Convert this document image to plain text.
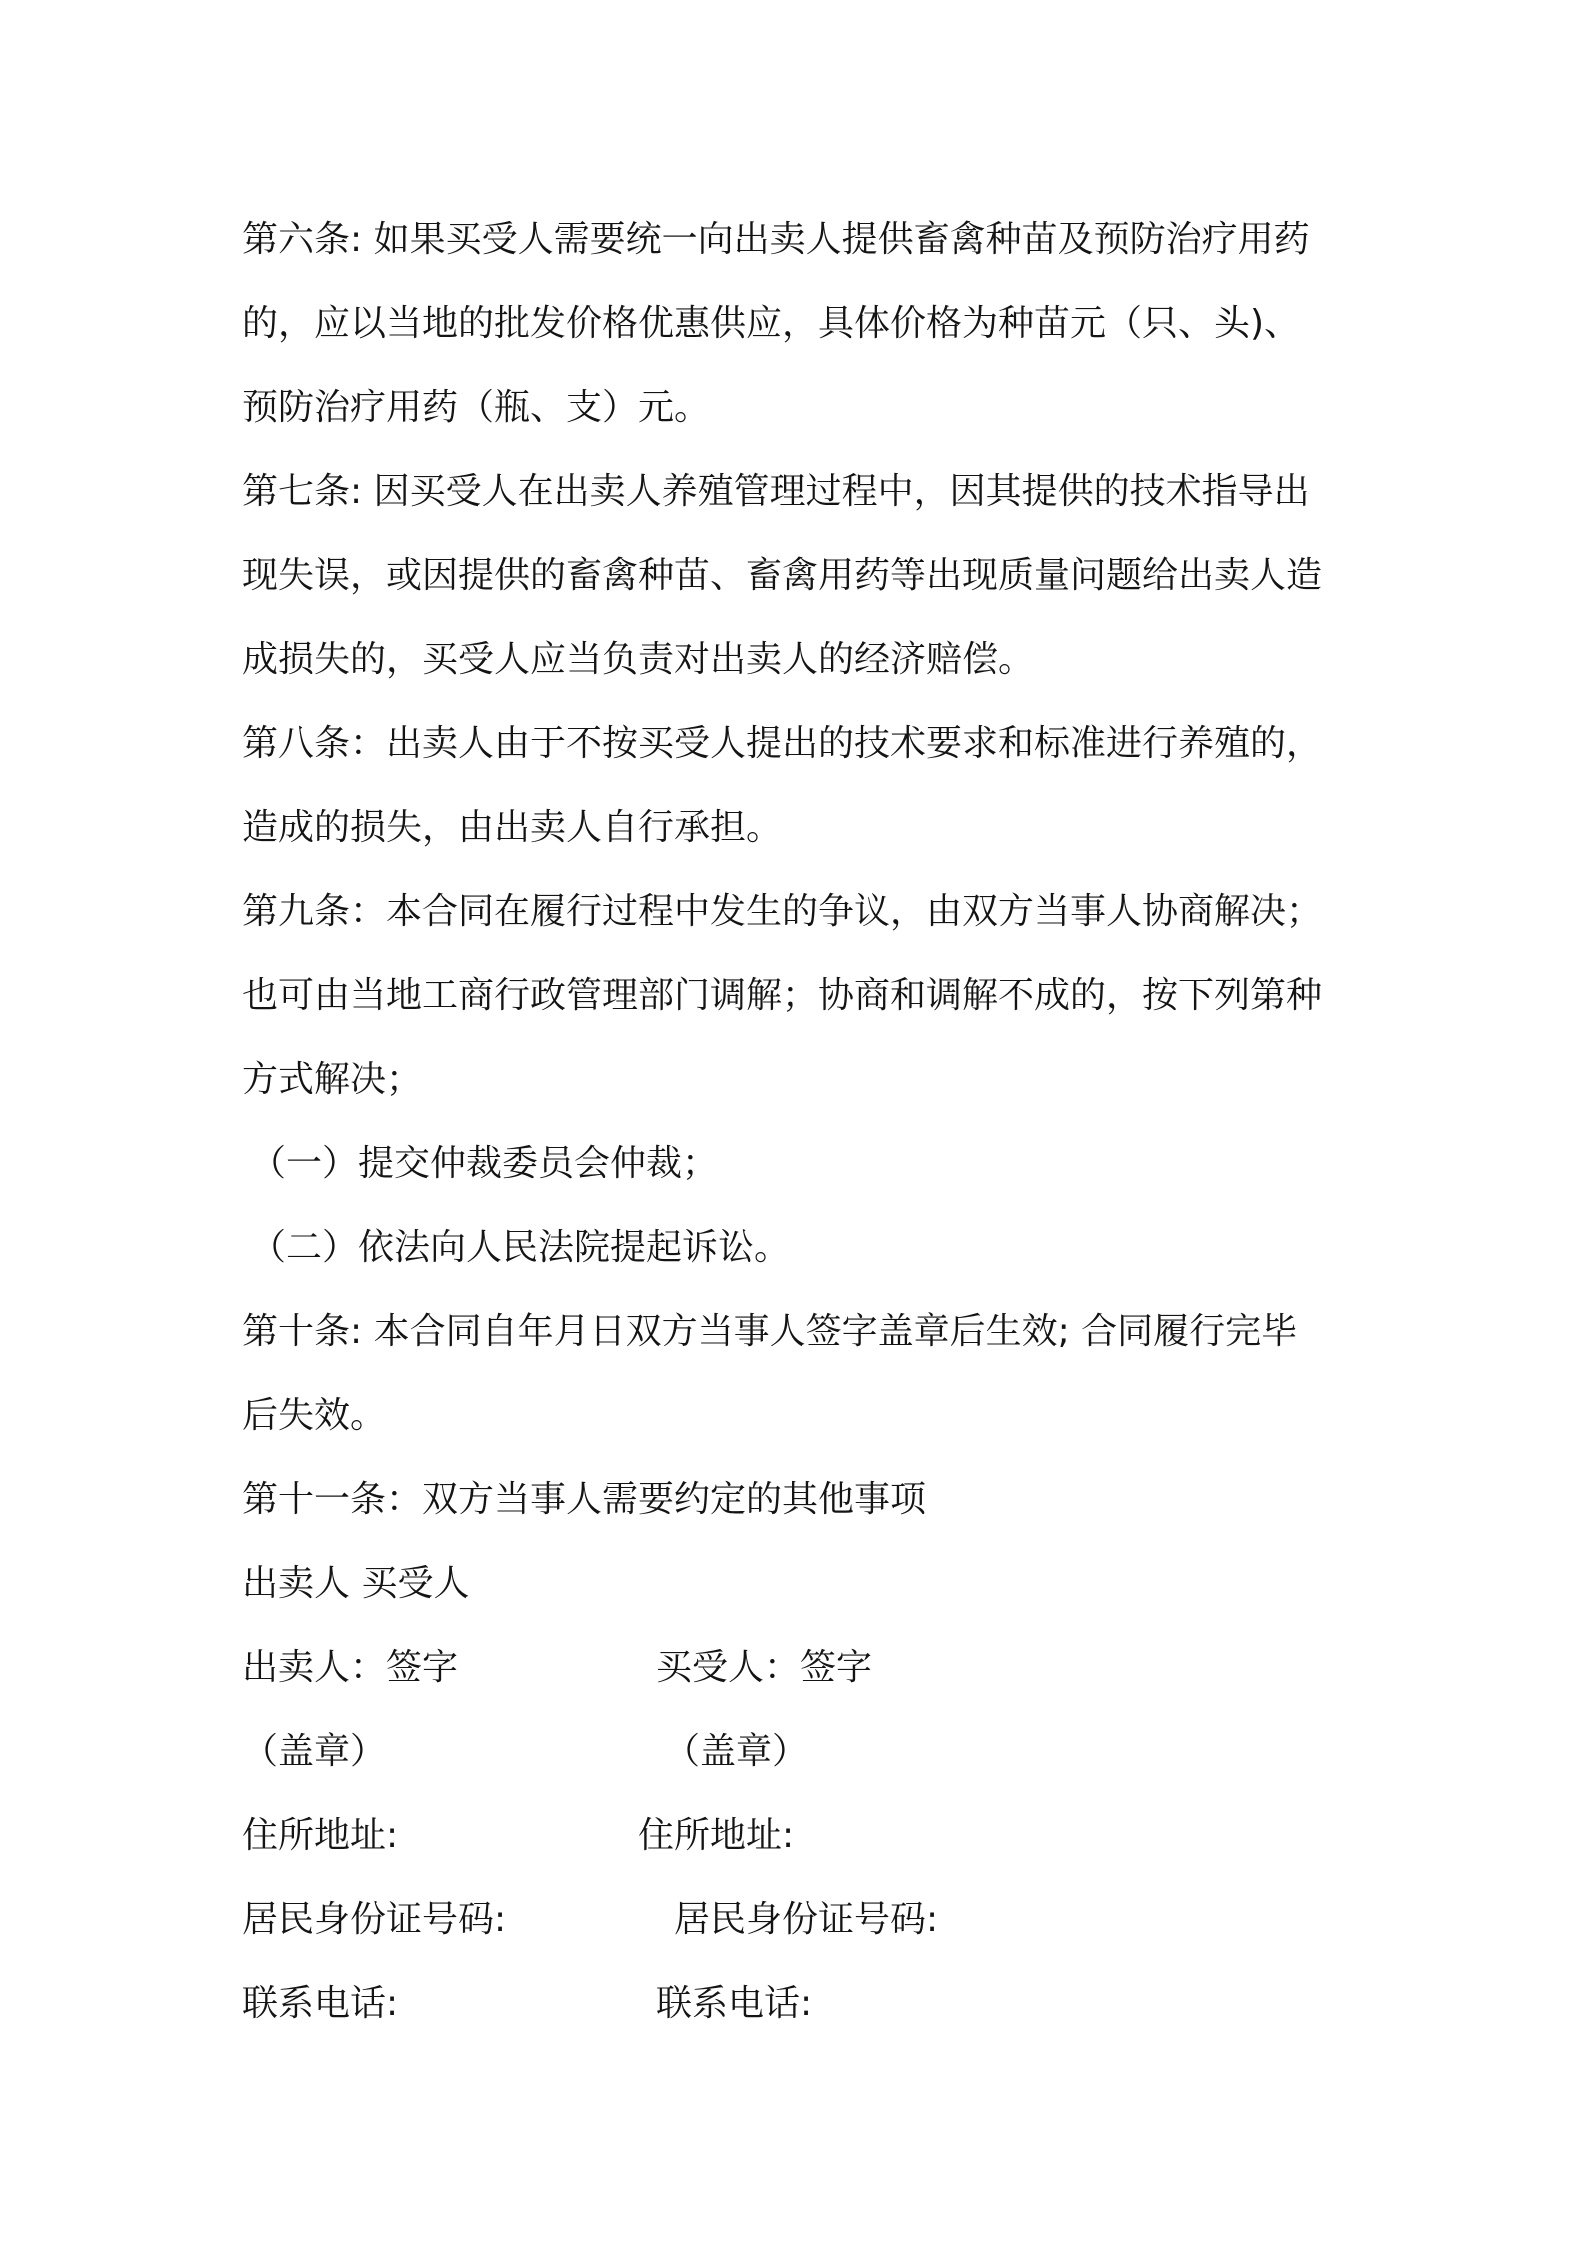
第六条: 如果买受人需要统一向出卖人提供畜禽种苗及预防治疗用药
的，应以当地的批发价格优惠供应，具体价格为种苗元（只、头)、
预防治疗用药（瓶、支）元。
第七条: 因买受人在出卖人养殖管理过程中，因其提供的技术指导出
现失误，或因提供的畜禽种苗、畜禽用药等出现质量问题给出卖人造
成损失的，买受人应当负责对出卖人的经济赔偿。
第八条：出卖人由于不按买受人提出的技术要求和标准进行养殖的，
造成的损失，由出卖人自行承担。
第九条：本合同在履行过程中发生的争议，由双方当事人协商解决；
也可由当地工商行政管理部门调解；协商和调解不成的，按下列第种
方式解决；
（一）提交仲裁委员会仲裁；
（二）依法向人民法院提起诉讼。
第十条: 本合同自年月日双方当事人签字盖章后生效; 合同履行完毕
后失效。
第十一条：双方当事人需要约定的其他事项
出卖人 买受人
出卖人：签字	买受人：签字
（盖章）	（盖章）
住所地址:	住所地址:
居民身份证号码:	居民身份证号码:
联系电话:	联系电话:
